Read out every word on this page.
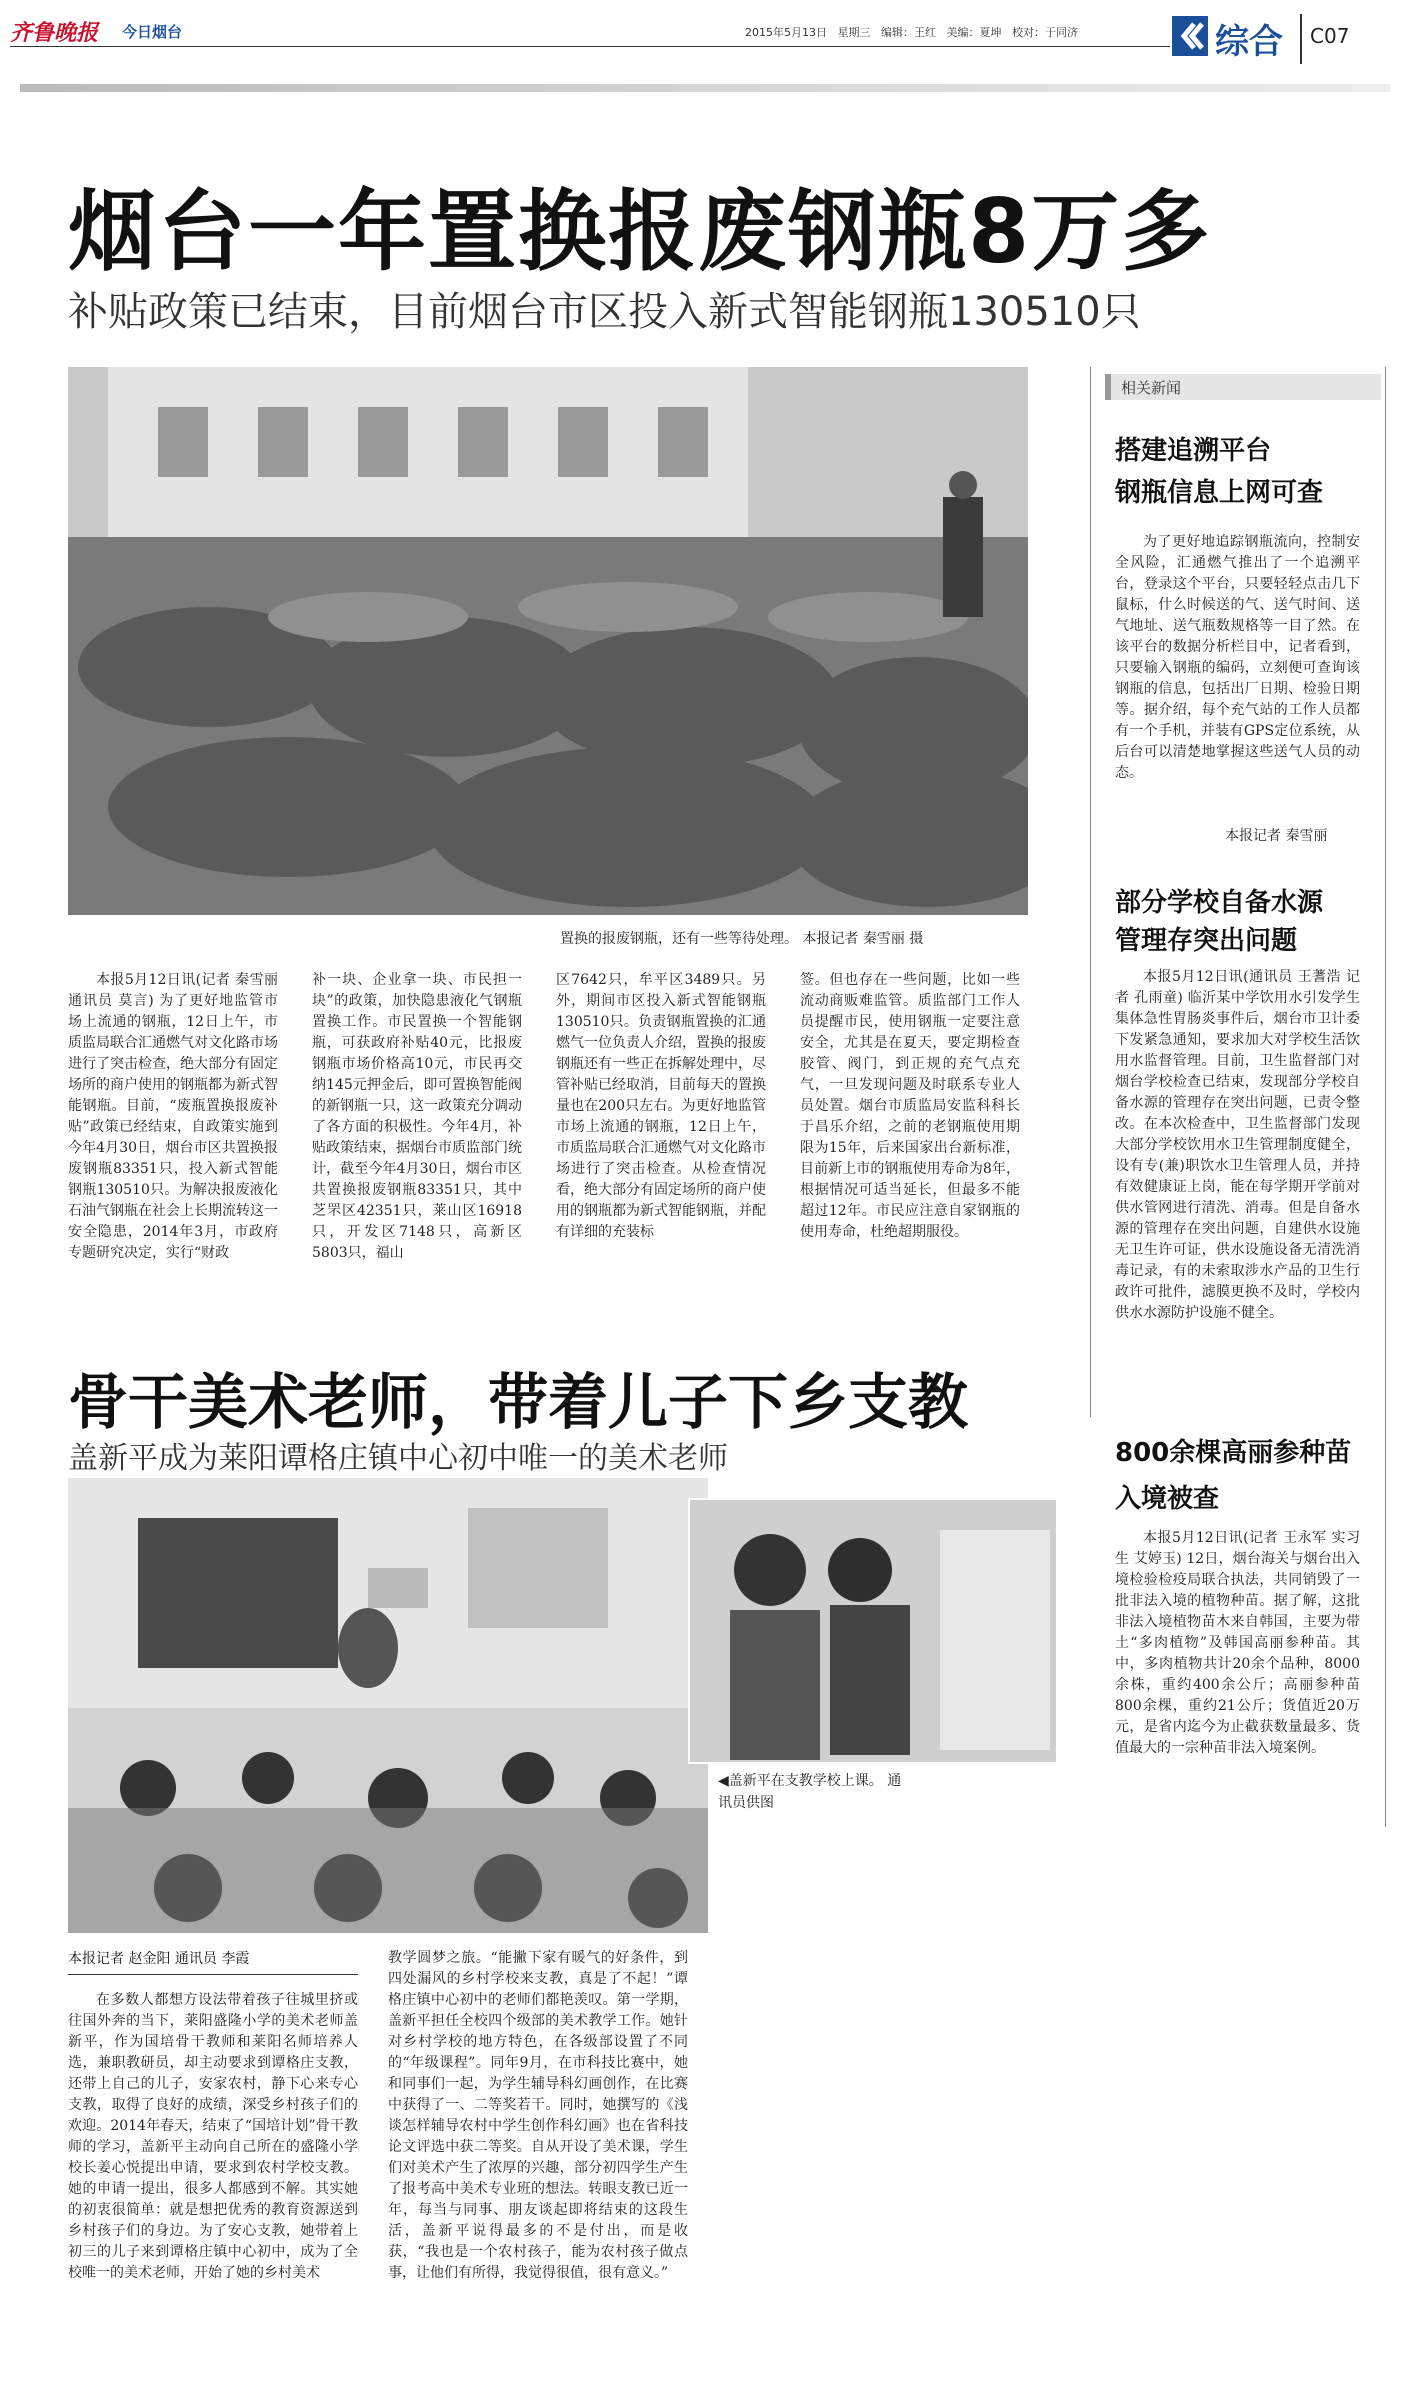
齐鲁晚报 今日烟台	2015年5月13日 星期三 编辑：王红 美编：夏坤 校对：于同济	综合 C07
烟台一年置换报废钢瓶8万多
补贴政策已结束，目前烟台市区投入新式智能钢瓶130510只
置换的报废钢瓶，还有一些等待处理。 本报记者 秦雪丽 摄

本报5月12日讯(记者 秦雪丽 通讯员 莫言) 为了更好地监管市场上流通的钢瓶，12日上午，市质监局联合汇通燃气对文化路市场进行了突击检查，绝大部分有固定场所的商户使用的钢瓶都为新式智能钢瓶。目前，“废瓶置换报废补贴”政策已经结束，自政策实施到今年4月30日，烟台市区共置换报废钢瓶83351只，投入新式智能钢瓶130510只。为解决报废液化石油气钢瓶在社会上长期流转这一安全隐患，2014年3月，市政府专题研究决定，实行“财政

补一块、企业拿一块、市民担一块”的政策，加快隐患液化气钢瓶置换工作。市民置换一个智能钢瓶，可获政府补贴40元，比报废钢瓶市场价格高10元，市民再交纳145元押金后，即可置换智能阀的新钢瓶一只，这一政策充分调动了各方面的积极性。今年4月，补贴政策结束，据烟台市质监部门统计，截至今年4月30日，烟台市区共置换报废钢瓶83351只，其中芝罘区42351只，莱山区16918只，开发区7148只，高新区5803只，福山

区7642只，牟平区3489只。另外，期间市区投入新式智能钢瓶130510只。负责钢瓶置换的汇通燃气一位负责人介绍，置换的报废钢瓶还有一些正在拆解处理中，尽管补贴已经取消，目前每天的置换量也在200只左右。为更好地监管市场上流通的钢瓶，12日上午，市质监局联合汇通燃气对文化路市场进行了突击检查。从检查情况看，绝大部分有固定场所的商户使用的钢瓶都为新式智能钢瓶，并配有详细的充装标

签。但也存在一些问题，比如一些流动商贩难监管。质监部门工作人员提醒市民，使用钢瓶一定要注意安全，尤其是在夏天，要定期检查胶管、阀门，到正规的充气点充气，一旦发现问题及时联系专业人员处置。烟台市质监局安监科科长于昌乐介绍，之前的老钢瓶使用期限为15年，后来国家出台新标准，目前新上市的钢瓶使用寿命为8年，根据情况可适当延长，但最多不能超过12年。市民应注意自家钢瓶的使用寿命，杜绝超期服役。

相关新闻
搭建追溯平台
钢瓶信息上网可查

为了更好地追踪钢瓶流向，控制安全风险，汇通燃气推出了一个追溯平台，登录这个平台，只要轻轻点击几下鼠标，什么时候送的气、送气时间、送气地址、送气瓶数规格等一目了然。在该平台的数据分析栏目中，记者看到，只要输入钢瓶的编码，立刻便可查询该钢瓶的信息，包括出厂日期、检验日期等。据介绍，每个充气站的工作人员都有一个手机，并装有GPS定位系统，从后台可以清楚地掌握这些送气人员的动态。

本报记者 秦雪丽
部分学校自备水源
管理存突出问题

本报5月12日讯(通讯员 王蓍浩 记者 孔雨童) 临沂某中学饮用水引发学生集体急性胃肠炎事件后，烟台市卫计委下发紧急通知，要求加大对学校生活饮用水监督管理。目前，卫生监督部门对烟台学校检查已结束，发现部分学校自备水源的管理存在突出问题，已责令整改。在本次检查中，卫生监督部门发现大部分学校饮用水卫生管理制度健全，设有专(兼)职饮水卫生管理人员，并持有效健康证上岗，能在每学期开学前对供水管网进行清洗、消毒。但是自备水源的管理存在突出问题，自建供水设施无卫生许可证，供水设施设备无清洗消毒记录，有的未索取涉水产品的卫生行政许可批件，滤膜更换不及时，学校内供水水源防护设施不健全。

800余棵高丽参种苗
入境被查

本报5月12日讯(记者 王永军 实习生 艾婷玉) 12日，烟台海关与烟台出入境检验检疫局联合执法，共同销毁了一批非法入境的植物种苗。据了解，这批非法入境植物苗木来自韩国，主要为带土“多肉植物”及韩国高丽参种苗。其中，多肉植物共计20余个品种，8000余株，重约400余公斤；高丽参种苗800余棵，重约21公斤；货值近20万元，是省内迄今为止截获数量最多、货值最大的一宗种苗非法入境案例。

骨干美术老师，带着儿子下乡支教
盖新平成为莱阳谭格庄镇中心初中唯一的美术老师
◀盖新平在支教学校上课。 通
讯员供图
本报记者 赵金阳 通讯员 李霞

在多数人都想方设法带着孩子往城里挤或往国外奔的当下，莱阳盛隆小学的美术老师盖新平，作为国培骨干教师和莱阳名师培养人选，兼职教研员，却主动要求到谭格庄支教，还带上自己的儿子，安家农村，静下心来专心支教，取得了良好的成绩，深受乡村孩子们的欢迎。2014年春天，结束了“国培计划”骨干教师的学习，盖新平主动向自己所在的盛隆小学校长姜心悦提出申请，要求到农村学校支教。她的申请一提出，很多人都感到不解。其实她的初衷很简单：就是想把优秀的教育资源送到乡村孩子们的身边。为了安心支教，她带着上初三的儿子来到谭格庄镇中心初中，成为了全校唯一的美术老师，开始了她的乡村美术

教学圆梦之旅。“能撇下家有暖气的好条件，到四处漏风的乡村学校来支教，真是了不起！”谭格庄镇中心初中的老师们都艳羡叹。第一学期，盖新平担任全校四个级部的美术教学工作。她针对乡村学校的地方特色，在各级部设置了不同的“年级课程”。同年9月，在市科技比赛中，她和同事们一起，为学生辅导科幻画创作，在比赛中获得了一、二等奖若干。同时，她撰写的《浅谈怎样辅导农村中学生创作科幻画》也在省科技论文评选中获二等奖。自从开设了美术课，学生们对美术产生了浓厚的兴趣，部分初四学生产生了报考高中美术专业班的想法。转眼支教已近一年，每当与同事、朋友谈起即将结束的这段生活，盖新平说得最多的不是付出，而是收获，“我也是一个农村孩子，能为农村孩子做点事，让他们有所得，我觉得很值，很有意义。”
